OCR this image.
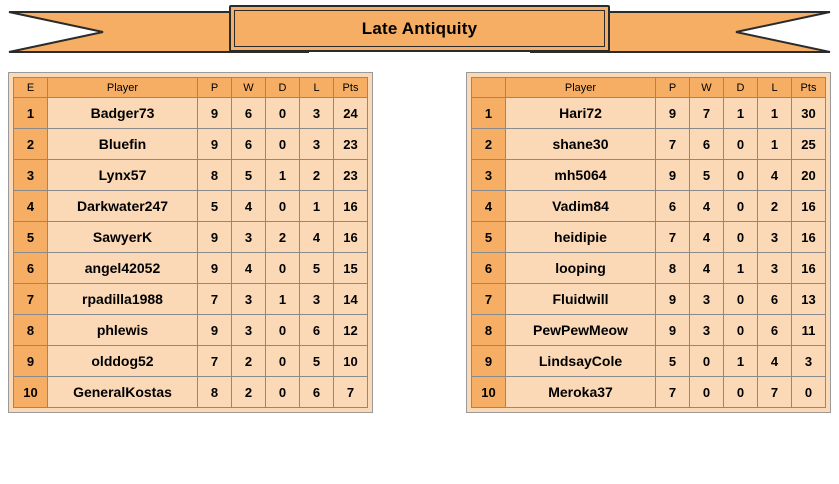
Late Antiquity
E	Player	P	W	D	L	Pts
1	Badger73	9	6	0	3	24
2	Bluefin	9	6	0	3	23
3	Lynx57	8	5	1	2	23
4	Darkwater247	5	4	0	1	16
5	SawyerK	9	3	2	4	16
6	angel42052	9	4	0	5	15
7	rpadilla1988	7	3	1	3	14
8	phlewis	9	3	0	6	12
9	olddog52	7	2	0	5	10
10	GeneralKostas	8	2	0	6	7
	Player	P	W	D	L	Pts
1	Hari72	9	7	1	1	30
2	shane30	7	6	0	1	25
3	mh5064	9	5	0	4	20
4	Vadim84	6	4	0	2	16
5	heidipie	7	4	0	3	16
6	looping	8	4	1	3	16
7	Fluidwill	9	3	0	6	13
8	PewPewMeow	9	3	0	6	11
9	LindsayCole	5	0	1	4	3
10	Meroka37	7	0	0	7	0
